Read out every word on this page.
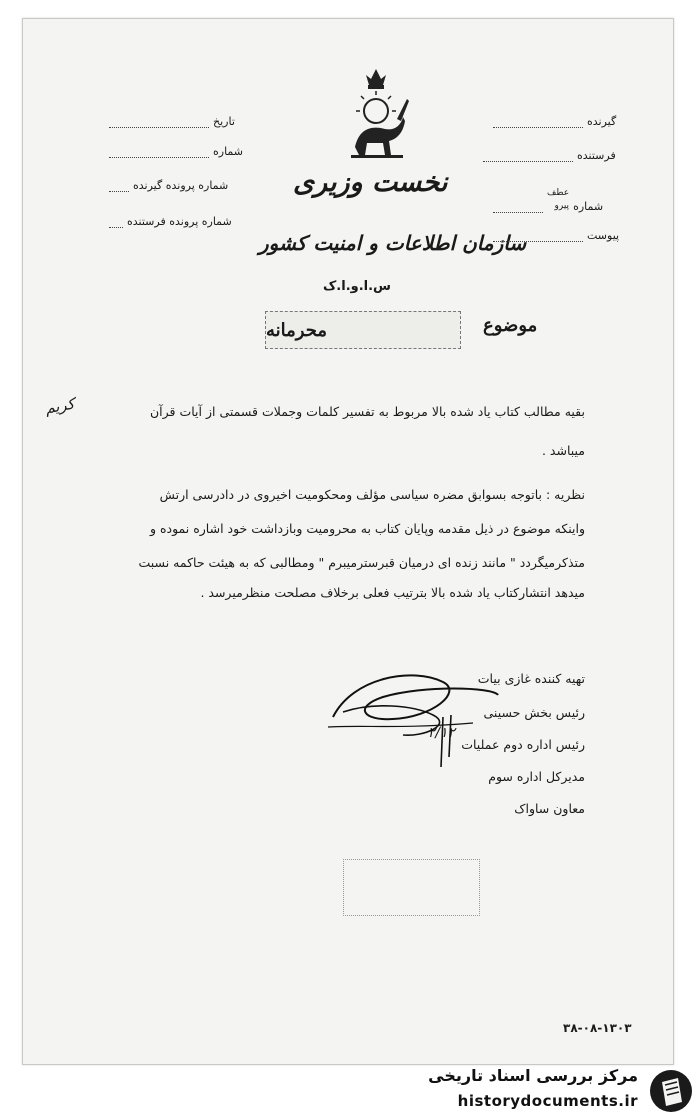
تاریخ
شماره
شماره پرونده گیرنده
شماره پرونده فرستنده
نخست وزیری
سازمان اطلاعات و امنیت کشور
س.ا.و.ا.ک
گیرنده
فرستنده
شماره
عطف
پیرو
پیوست
موضوع
محرمانه
بقیه مطالب کتاب یاد شده بالا مربوط به تفسیر کلمات وجملات قسمتی از آیات قرآن
کریم
میباشد .
نظریه : باتوجه بسوابق مضره سیاسی مؤلف ومحکومیت اخیروی در دادرسی ارتش
واینکه موضوع در ذیل مقدمه وپایان کتاب به محرومیت وبازداشت خود اشاره نموده و
متذکرمیگردد " مانند زنده ای درمیان قبرسترمیبرم " ومطالبی که به هیئت حاکمه نسبت
میدهد انتشارکتاب یاد شده بالا بترتیب فعلی برخلاف مصلحت منظرمیرسد .
تهیه کننده غازی بیات
رئیس بخش حسینی
رئیس اداره دوم عملیات
مدیرکل اداره سوم
معاون ساواک
۲/۱۲
۳۸-۰۸-۱۳۰۳
مرکز بررسی اسناد تاریخی
historydocuments.ir
